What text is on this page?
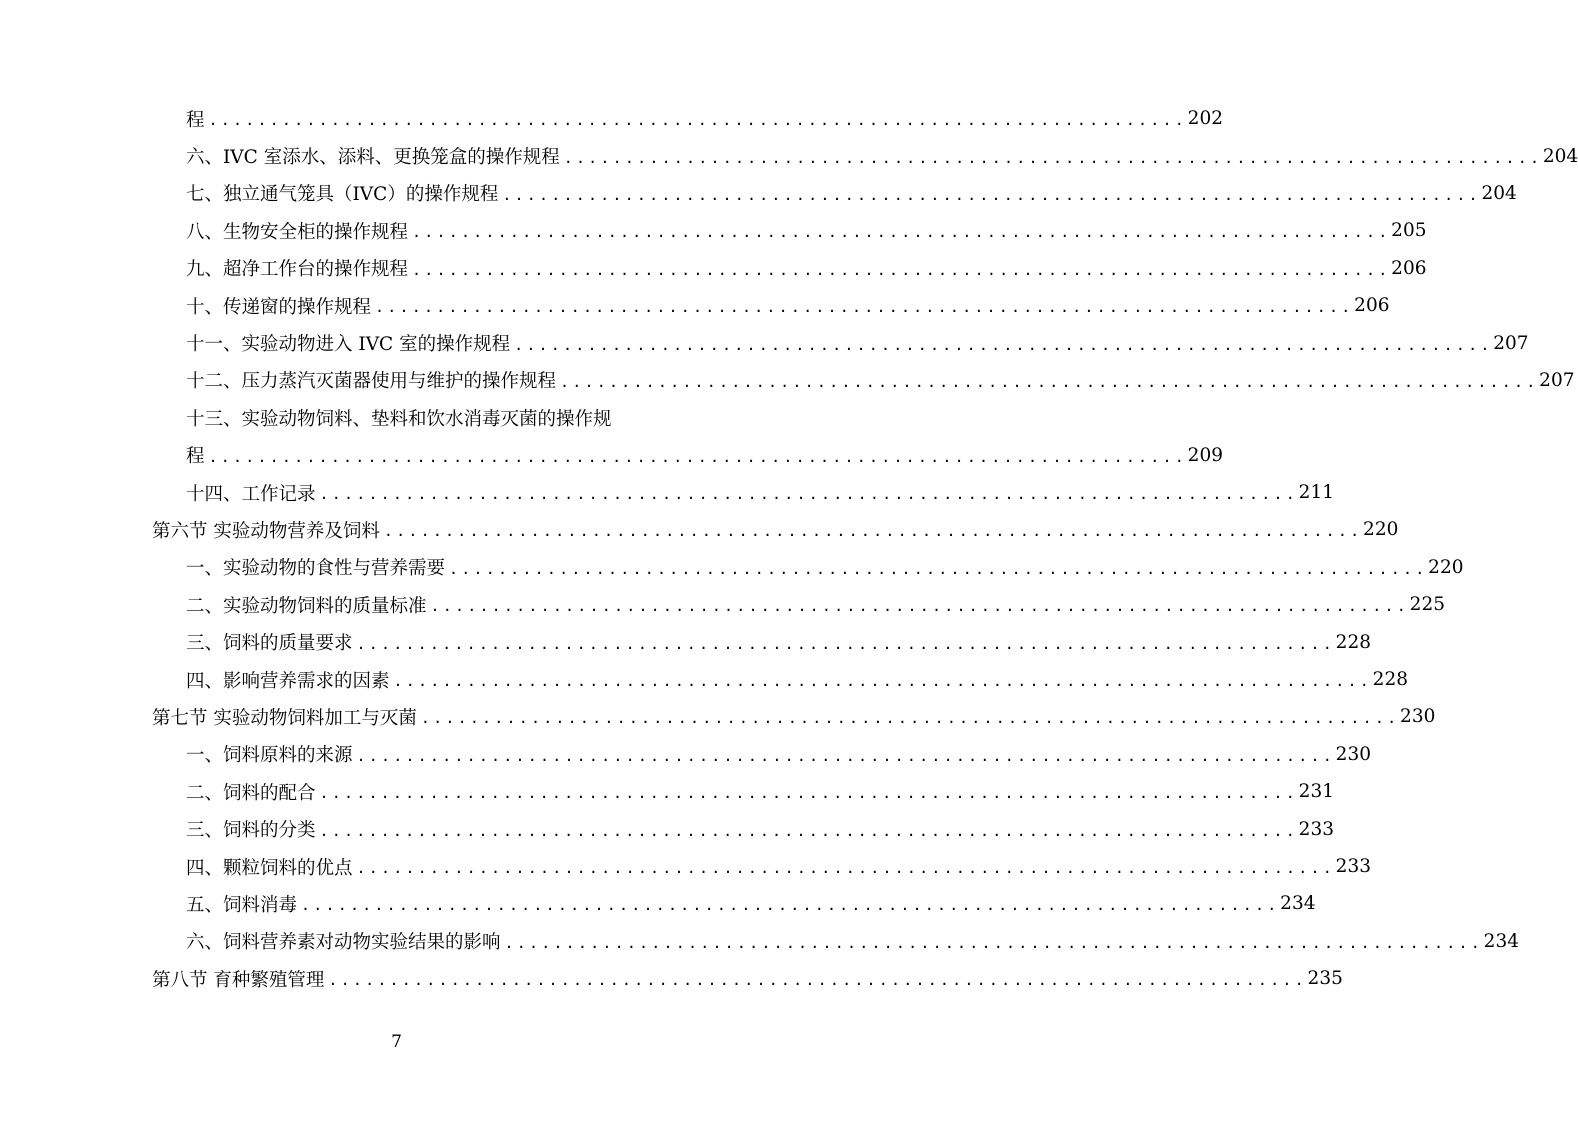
程 ................................................................................ 202
六、IVC 室添水、添料、更换笼盒的操作规程 ................................................................................ 204
七、独立通气笼具（IVC）的操作规程 ................................................................................ 204
八、生物安全柜的操作规程 ................................................................................ 205
九、超净工作台的操作规程 ................................................................................ 206
十、传递窗的操作规程 ................................................................................ 206
十一、实验动物进入 IVC 室的操作规程 ................................................................................ 207
十二、压力蒸汽灭菌器使用与维护的操作规程 ................................................................................ 207
十三、实验动物饲料、垫料和饮水消毒灭菌的操作规
程 ................................................................................ 209
十四、工作记录 ................................................................................ 211
第六节 实验动物营养及饲料 ................................................................................ 220
一、实验动物的食性与营养需要 ................................................................................ 220
二、实验动物饲料的质量标准 ................................................................................ 225
三、饲料的质量要求 ................................................................................ 228
四、影响营养需求的因素 ................................................................................ 228
第七节 实验动物饲料加工与灭菌 ................................................................................ 230
一、饲料原料的来源 ................................................................................ 230
二、饲料的配合 ................................................................................ 231
三、饲料的分类 ................................................................................ 233
四、颗粒饲料的优点 ................................................................................ 233
五、饲料消毒 ................................................................................ 234
六、饲料营养素对动物实验结果的影响 ................................................................................ 234
第八节 育种繁殖管理 ................................................................................ 235
7
